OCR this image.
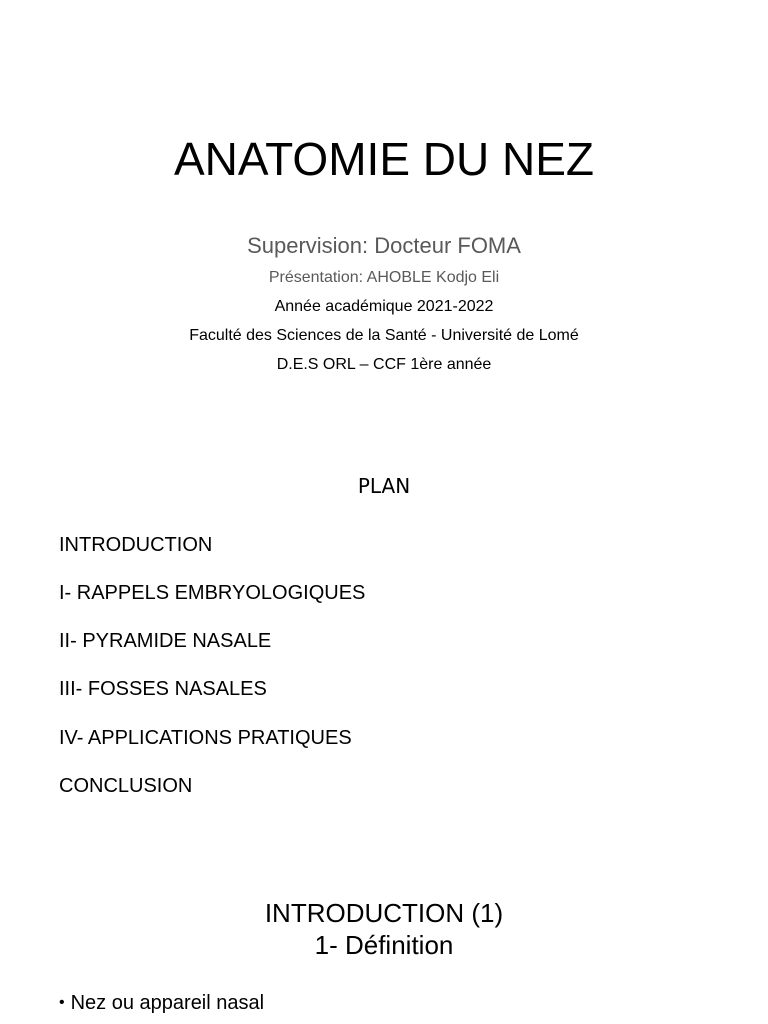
ANATOMIE DU NEZ
Supervision: Docteur FOMA
Présentation: AHOBLE Kodjo Eli
Année académique 2021-2022
Faculté des Sciences de la Santé - Université de Lomé
D.E.S ORL – CCF 1ère année
PLAN
INTRODUCTION
I- RAPPELS EMBRYOLOGIQUES
II- PYRAMIDE NASALE
III- FOSSES NASALES
IV- APPLICATIONS PRATIQUES
CONCLUSION
INTRODUCTION (1)
1- Définition
• Nez ou appareil nasal
